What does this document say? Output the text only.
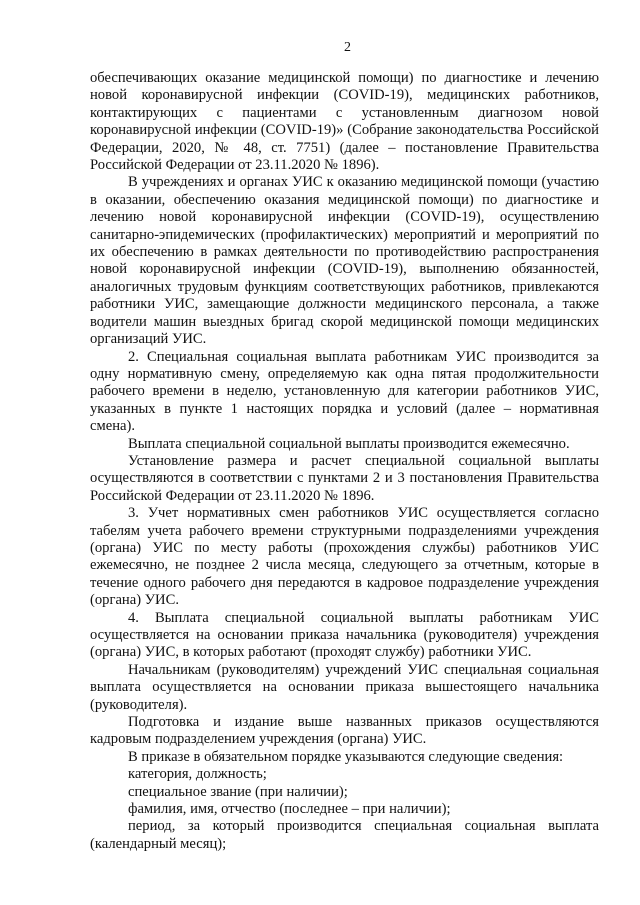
2

обеспечивающих оказание медицинской помощи) по диагностике и лечению новой коронавирусной инфекции (COVID-19), медицинских работников, контактирующих с пациентами с установленным диагнозом новой коронавирусной инфекции (COVID-19)» (Собрание законодательства Российской Федерации, 2020, № 48, ст. 7751) (далее – постановление Правительства Российской Федерации от 23.11.2020 № 1896).

В учреждениях и органах УИС к оказанию медицинской помощи (участию в оказании, обеспечению оказания медицинской помощи) по диагностике и лечению новой коронавирусной инфекции (COVID-19), осуществлению санитарно-эпидемических (профилактических) мероприятий и мероприятий по их обеспечению в рамках деятельности по противодействию распространения новой коронавирусной инфекции (COVID-19), выполнению обязанностей, аналогичных трудовым функциям соответствующих работников, привлекаются работники УИС, замещающие должности медицинского персонала, а также водители машин выездных бригад скорой медицинской помощи медицинских организаций УИС.

2. Специальная социальная выплата работникам УИС производится за одну нормативную смену, определяемую как одна пятая продолжительности рабочего времени в неделю, установленную для категории работников УИС, указанных в пункте 1 настоящих порядка и условий (далее – нормативная смена).

Выплата специальной социальной выплаты производится ежемесячно.

Установление размера и расчет специальной социальной выплаты осуществляются в соответствии с пунктами 2 и 3 постановления Правительства Российской Федерации от 23.11.2020 № 1896.

3. Учет нормативных смен работников УИС осуществляется согласно табелям учета рабочего времени структурными подразделениями учреждения (органа) УИС по месту работы (прохождения службы) работников УИС ежемесячно, не позднее 2 числа месяца, следующего за отчетным, которые в течение одного рабочего дня передаются в кадровое подразделение учреждения (органа) УИС.

4. Выплата специальной социальной выплаты работникам УИС осуществляется на основании приказа начальника (руководителя) учреждения (органа) УИС, в которых работают (проходят службу) работники УИС.

Начальникам (руководителям) учреждений УИС специальная социальная выплата осуществляется на основании приказа вышестоящего начальника (руководителя).

Подготовка и издание выше названных приказов осуществляются кадровым подразделением учреждения (органа) УИС.

В приказе в обязательном порядке указываются следующие сведения:

категория, должность;

специальное звание (при наличии);

фамилия, имя, отчество (последнее – при наличии);

период, за который производится специальная социальная выплата (календарный месяц);
